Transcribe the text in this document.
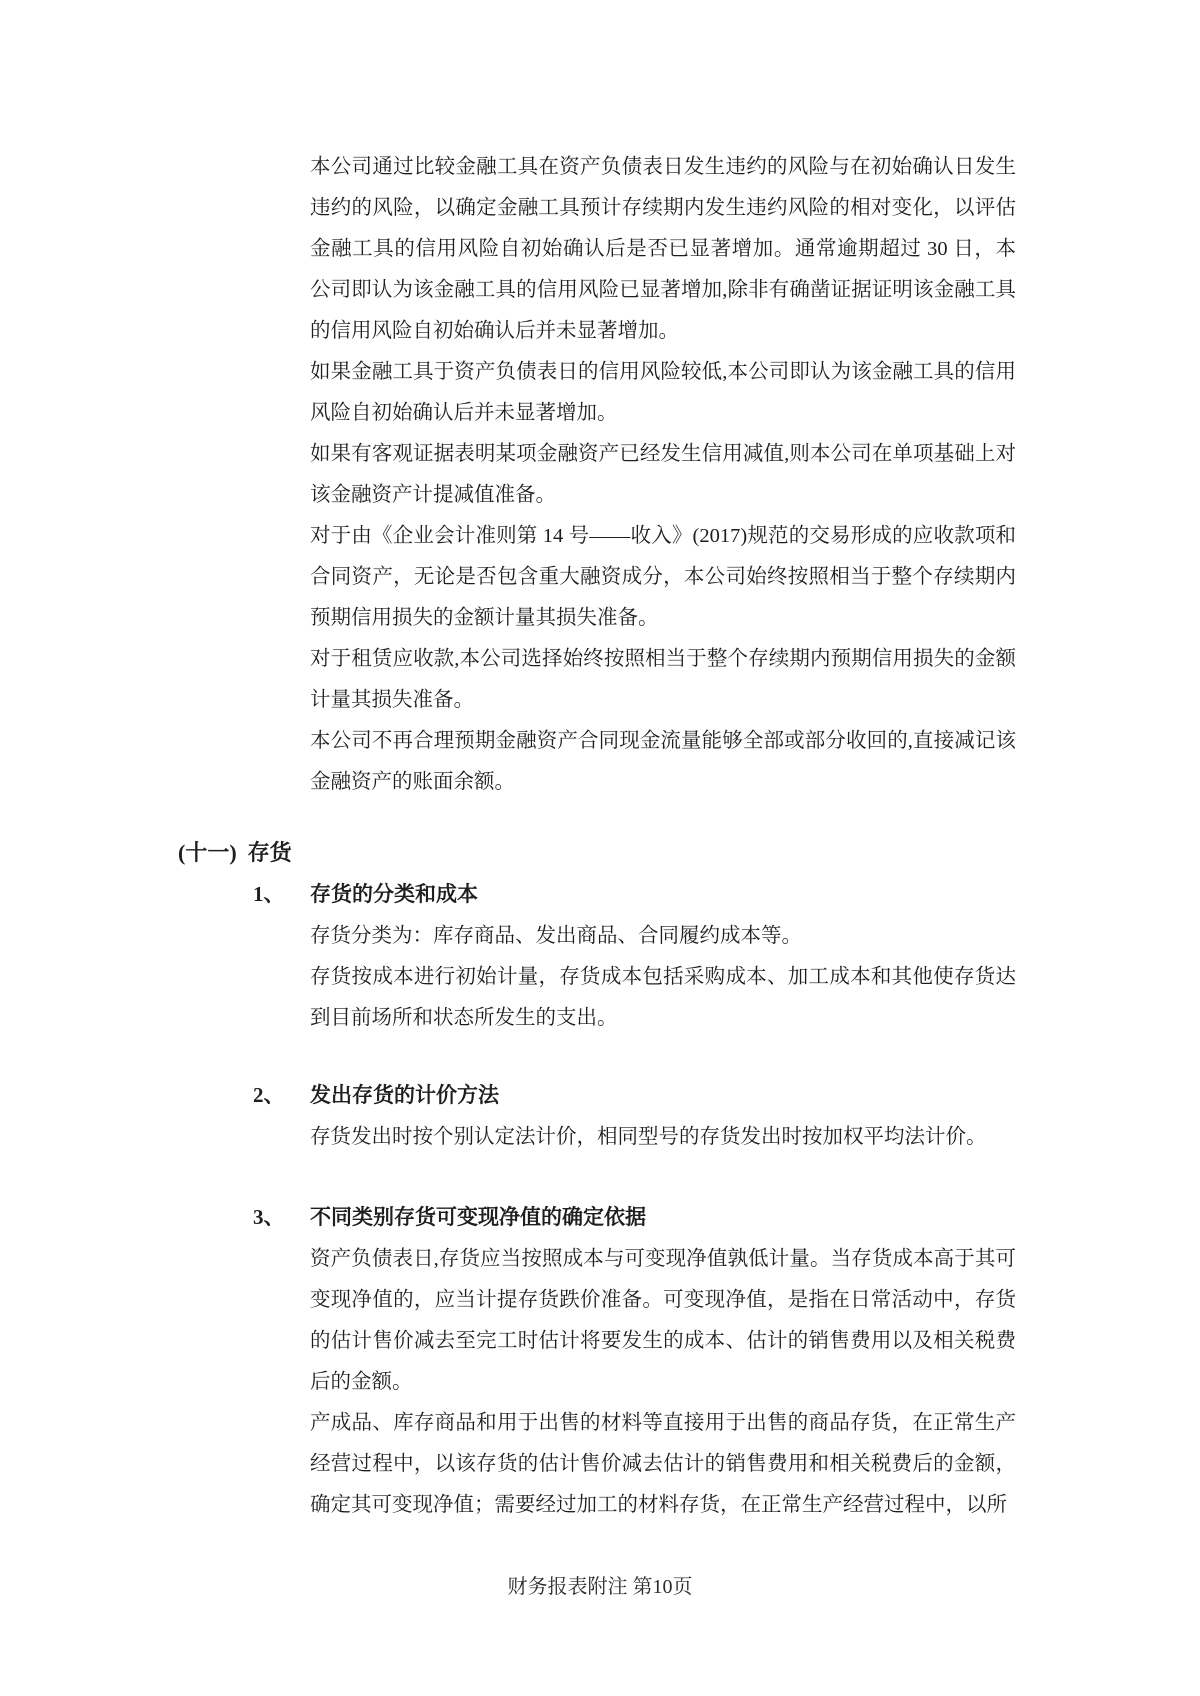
本公司通过比较金融工具在资产负债表日发生违约的风险与在初始确认日发生违约的风险，以确定金融工具预计存续期内发生违约风险的相对变化，以评估金融工具的信用风险自初始确认后是否已显著增加。通常逾期超过 30 日，本公司即认为该金融工具的信用风险已显著增加,除非有确凿证据证明该金融工具的信用风险自初始确认后并未显著增加。

如果金融工具于资产负债表日的信用风险较低,本公司即认为该金融工具的信用风险自初始确认后并未显著增加。

如果有客观证据表明某项金融资产已经发生信用减值,则本公司在单项基础上对该金融资产计提减值准备。

对于由《企业会计准则第 14 号——收入》(2017)规范的交易形成的应收款项和合同资产，无论是否包含重大融资成分，本公司始终按照相当于整个存续期内预期信用损失的金额计量其损失准备。

对于租赁应收款,本公司选择始终按照相当于整个存续期内预期信用损失的金额计量其损失准备。

本公司不再合理预期金融资产合同现金流量能够全部或部分收回的,直接减记该金融资产的账面余额。

(十一) 存货
1、 存货的分类和成本

存货分类为：库存商品、发出商品、合同履约成本等。

存货按成本进行初始计量，存货成本包括采购成本、加工成本和其他使存货达到目前场所和状态所发生的支出。

2、 发出存货的计价方法

存货发出时按个别认定法计价，相同型号的存货发出时按加权平均法计价。

3、 不同类别存货可变现净值的确定依据

资产负债表日,存货应当按照成本与可变现净值孰低计量。当存货成本高于其可变现净值的，应当计提存货跌价准备。可变现净值，是指在日常活动中，存货的估计售价减去至完工时估计将要发生的成本、估计的销售费用以及相关税费后的金额。

产成品、库存商品和用于出售的材料等直接用于出售的商品存货，在正常生产经营过程中，以该存货的估计售价减去估计的销售费用和相关税费后的金额，确定其可变现净值；需要经过加工的材料存货，在正常生产经营过程中，以所

财务报表附注 第10页
